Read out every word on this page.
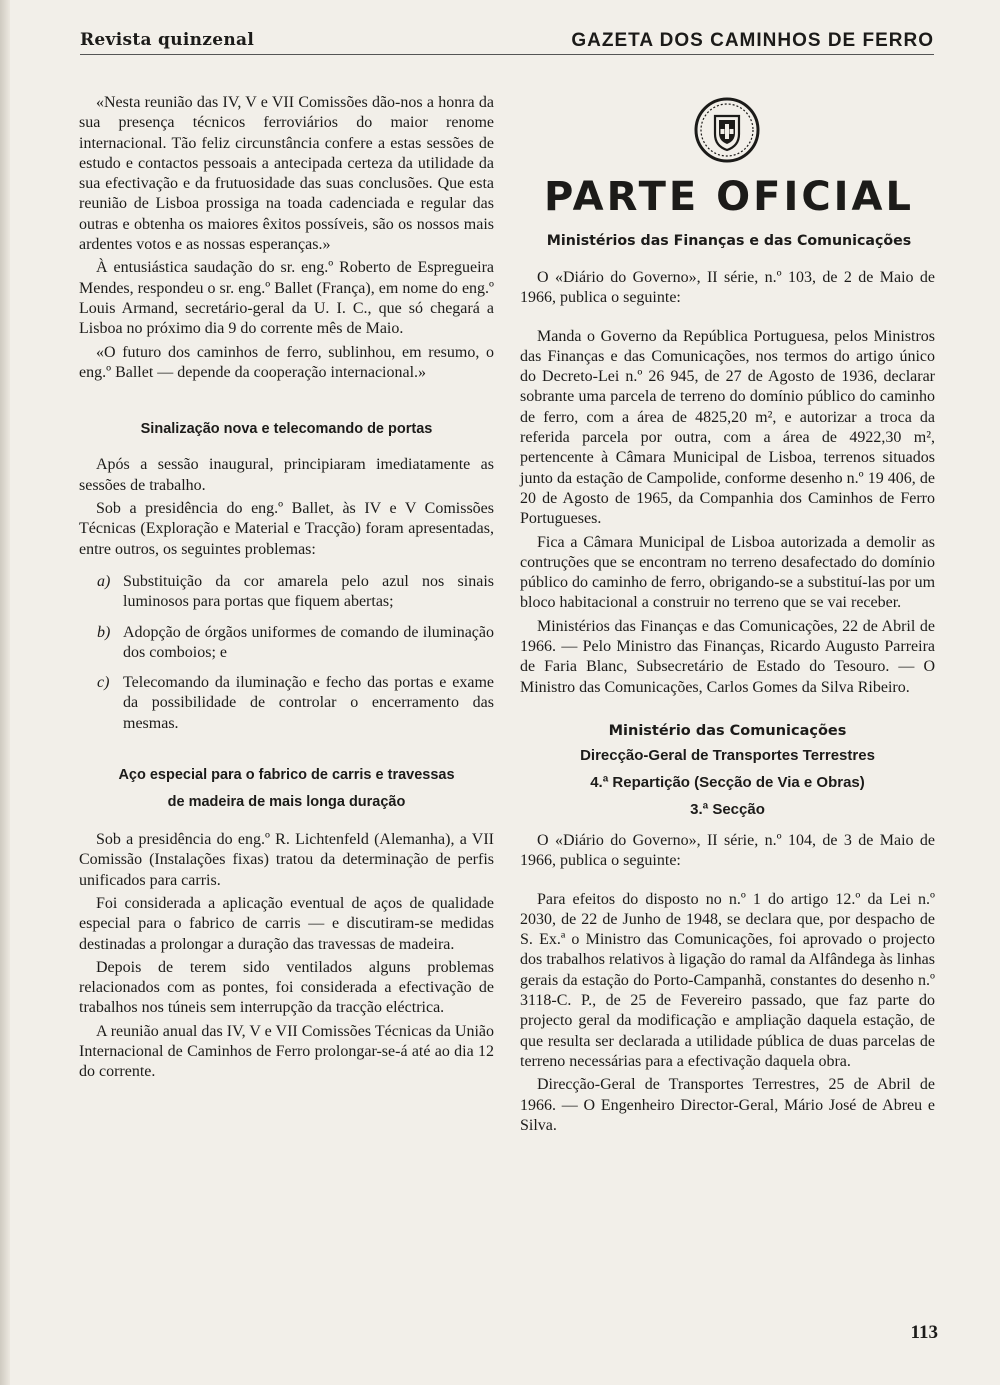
Revista quinzenal	GAZETA DOS CAMINHOS DE FERRO

«Nesta reunião das IV, V e VII Comissões dão-nos a honra da sua presença técnicos ferroviários do maior renome internacional. Tão feliz circunstância confere a estas sessões de estudo e contactos pessoais a antecipada certeza da utilidade da sua efectivação e da frutuosidade das suas conclusões. Que esta reunião de Lisboa prossiga na toada cadenciada e regular das outras e obtenha os maiores êxitos possíveis, são os nossos mais ardentes votos e as nossas esperanças.»

À entusiástica saudação do sr. eng.º Roberto de Espregueira Mendes, respondeu o sr. eng.º Ballet (França), em nome do eng.º Louis Armand, secretário-geral da U. I. C., que só chegará a Lisboa no próximo dia 9 do corrente mês de Maio.

«O futuro dos caminhos de ferro, sublinhou, em resumo, o eng.º Ballet — depende da cooperação internacional.»

Sinalização nova e telecomando de portas

Após a sessão inaugural, principiaram imediatamente as sessões de trabalho.

Sob a presidência do eng.º Ballet, às IV e V Comissões Técnicas (Exploração e Material e Tracção) foram apresentadas, entre outros, os seguintes problemas:

a) Substituição da cor amarela pelo azul nos sinais luminosos para portas que fiquem abertas;
b) Adopção de órgãos uniformes de comando de iluminação dos comboios; e
c) Telecomando da iluminação e fecho das portas e exame da possibilidade de controlar o encerramento das mesmas.
Aço especial para o fabrico de carris e travessas
de madeira de mais longa duração

Sob a presidência do eng.º R. Lichtenfeld (Alemanha), a VII Comissão (Instalações fixas) tratou da determinação de perfis unificados para carris.

Foi considerada a aplicação eventual de aços de qualidade especial para o fabrico de carris — e discutiram-se medidas destinadas a prolongar a duração das travessas de madeira.

Depois de terem sido ventilados alguns problemas relacionados com as pontes, foi considerada a efectivação de trabalhos nos túneis sem interrupção da tracção eléctrica.

A reunião anual das IV, V e VII Comissões Técnicas da União Internacional de Caminhos de Ferro prolongar-se-á até ao dia 12 do corrente.

PARTE OFICIAL
Ministérios das Finanças e das Comunicações

O «Diário do Governo», II série, n.º 103, de 2 de Maio de 1966, publica o seguinte:

Manda o Governo da República Portuguesa, pelos Ministros das Finanças e das Comunicações, nos termos do artigo único do Decreto-Lei n.º 26 945, de 27 de Agosto de 1936, declarar sobrante uma parcela de terreno do domínio público do caminho de ferro, com a área de 4825,20 m², e autorizar a troca da referida parcela por outra, com a área de 4922,30 m², pertencente à Câmara Municipal de Lisboa, terrenos situados junto da estação de Campolide, conforme desenho n.º 19 406, de 20 de Agosto de 1965, da Companhia dos Caminhos de Ferro Portugueses.

Fica a Câmara Municipal de Lisboa autorizada a demolir as contruções que se encontram no terreno desafectado do domínio público do caminho de ferro, obrigando-se a substituí-las por um bloco habitacional a construir no terreno que se vai receber.

Ministérios das Finanças e das Comunicações, 22 de Abril de 1966. — Pelo Ministro das Finanças, Ricardo Augusto Parreira de Faria Blanc, Subsecretário de Estado do Tesouro. — O Ministro das Comunicações, Carlos Gomes da Silva Ribeiro.

Ministério das Comunicações
Direcção-Geral de Transportes Terrestres
4.ª Repartição (Secção de Via e Obras)
3.ª Secção

O «Diário do Governo», II série, n.º 104, de 3 de Maio de 1966, publica o seguinte:

Para efeitos do disposto no n.º 1 do artigo 12.º da Lei n.º 2030, de 22 de Junho de 1948, se declara que, por despacho de S. Ex.ª o Ministro das Comunicações, foi aprovado o projecto dos trabalhos relativos à ligação do ramal da Alfândega às linhas gerais da estação do Porto-Campanhã, constantes do desenho n.º 3118-C. P., de 25 de Fevereiro passado, que faz parte do projecto geral da modificação e ampliação daquela estação, de que resulta ser declarada a utilidade pública de duas parcelas de terreno necessárias para a efectivação daquela obra.

Direcção-Geral de Transportes Terrestres, 25 de Abril de 1966. — O Engenheiro Director-Geral, Mário José de Abreu e Silva.

113
